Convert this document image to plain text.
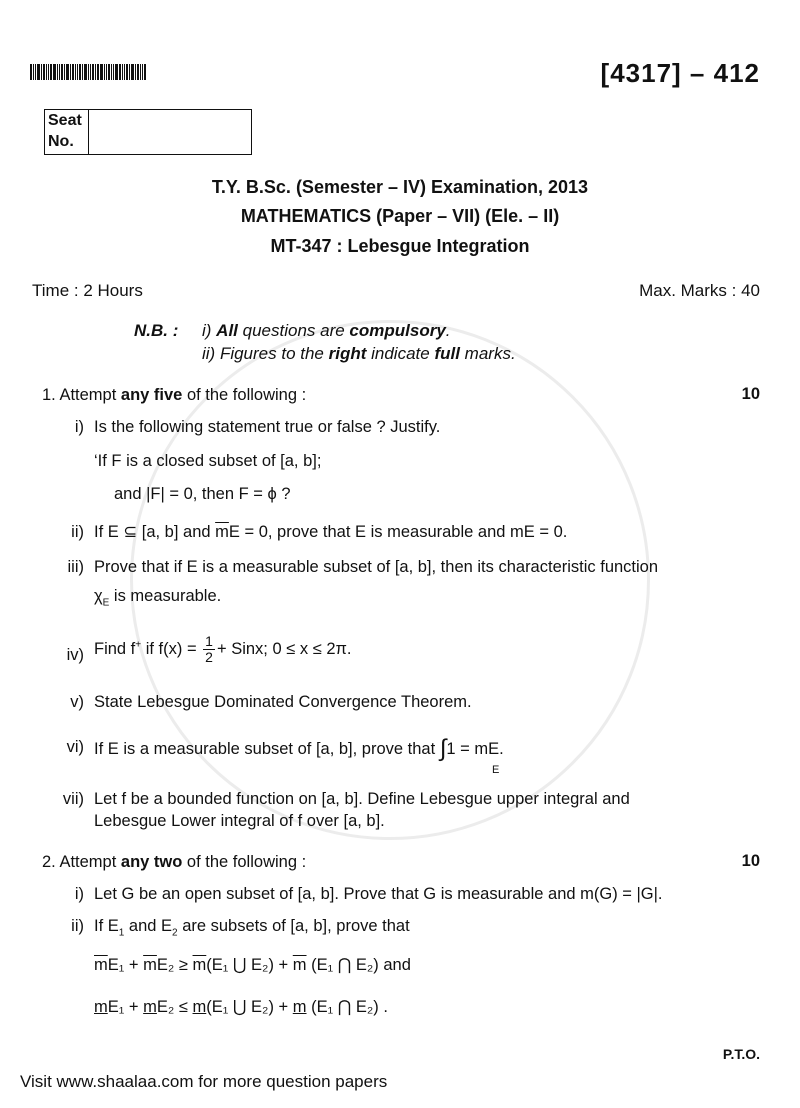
[4317] – 412
Seat
No.
T.Y. B.Sc. (Semester – IV) Examination, 2013
MATHEMATICS (Paper – VII) (Ele. – II)
MT-347 : Lebesgue Integration
Time : 2 Hours	Max. Marks : 40
N.B. : i) All questions are compulsory.
ii) Figures to the right indicate full marks.
1. Attempt any five of the following :	10
i) Is the following statement true or false ? Justify.
‘If F is a closed subset of [a, b];
and |F| = 0, then F = ϕ ?
ii) If E ⊆ [a, b] and $\overline{m}E = 0$, prove that E is measurable and mE = 0.
iii) Prove that if E is a measurable subset of [a, b], then its characteristic function
$\chi_E$ is measurable.
iv) Find f+ if $f(x) = \frac{1}{2}$ + Sinx; 0 ≤ x ≤ 2π.
v) State Lebesgue Dominated Convergence Theorem.
vi) If E is a measurable subset of [a, b], prove that ∫1 = mE.
E
vii) Let f be a bounded function on [a, b]. Define Lebesgue upper integral and
Lebesgue Lower integral of f over [a, b].
2. Attempt any two of the following :	10
i) Let G be an open subset of [a, b]. Prove that G is measurable and m(G) = |G|.
ii) If $E_1$ and $E_2$ are subsets of [a, b], prove that
$\overline{m}E_1 + \overline{m}E_2 \ge \overline{m}(E_1$ ⋃ $E_2) + \overline{m}$ (E₁ ⋂ E₂) and
mE₁ + mE₂ ≤ m(E₁ ⋃ E₂) + m (E₁ ⋂ E₂) .
P.T.O.
Visit www.shaalaa.com for more question papers
